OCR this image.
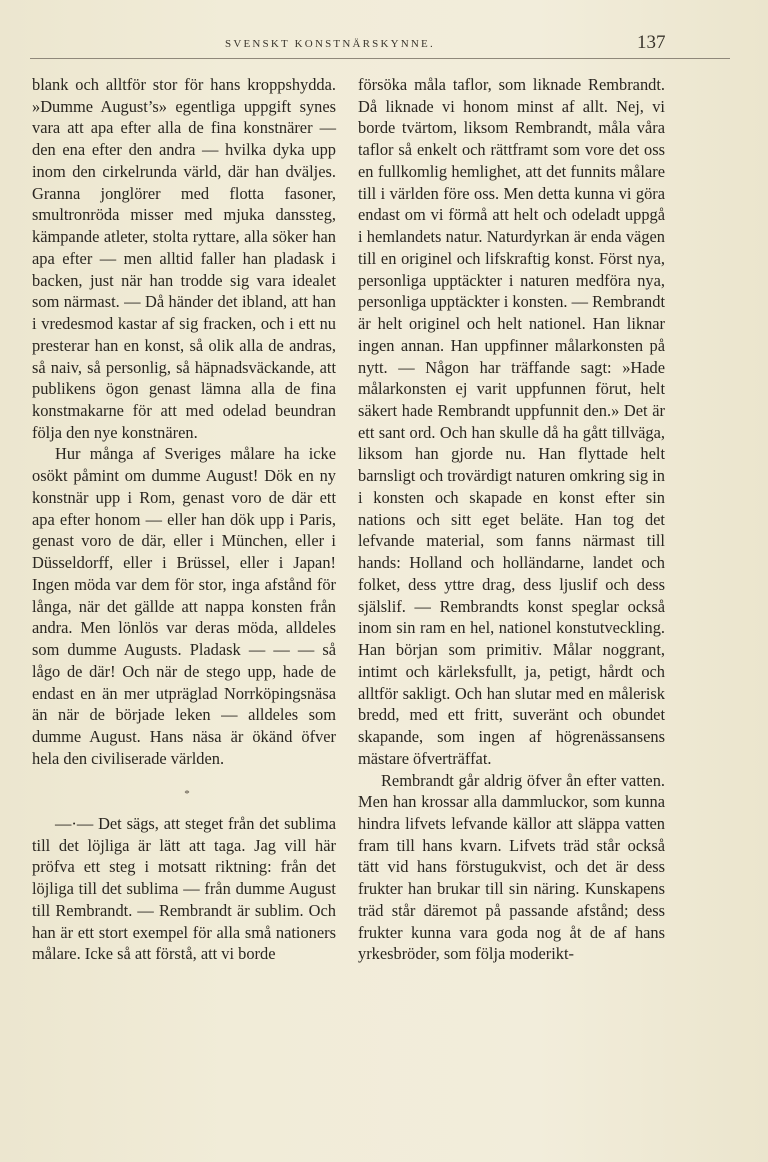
SVENSKT KONSTNÄRSKYNNE.	137

blank och alltför stor för hans kroppshydda. »Dumme August’s» egentliga uppgift synes vara att apa efter alla de fina konstnärer — den ena efter den andra — hvilka dyka upp inom den cirkelrunda värld, där han dväljes. Granna jonglörer med flotta fasoner, smultronröda misser med mjuka danssteg, kämpande atleter, stolta ryttare, alla söker han apa efter — men alltid faller han pladask i backen, just när han trodde sig vara idealet som närmast. — Då händer det ibland, att han i vredesmod kastar af sig fracken, och i ett nu presterar han en konst, så olik alla de andras, så naiv, så personlig, så häpnadsväckande, att publikens ögon genast lämna alla de fina konstmakarne för att med odelad beundran följa den nye konstnären.

Hur många af Sveriges målare ha icke osökt påmint om dumme August! Dök en ny konstnär upp i Rom, genast voro de där ett apa efter honom — eller han dök upp i Paris, genast voro de där, eller i München, eller i Düsseldorff, eller i Brüssel, eller i Japan! Ingen möda var dem för stor, inga afstånd för långa, när det gällde att nappa konsten från andra. Men lönlös var deras möda, alldeles som dumme Augusts. Pladask — — — så lågo de där! Och när de stego upp, hade de endast en än mer utpräglad Norrköpingsnäsa än när de började leken — alldeles som dumme August. Hans näsa är ökänd öfver hela den civiliserade världen.

*

—·— Det sägs, att steget från det sublima till det löjliga är lätt att taga. Jag vill här pröfva ett steg i motsatt riktning: från det löjliga till det sublima — från dumme August till Rembrandt. — Rembrandt är sublim. Och han är ett stort exempel för alla små nationers målare. Icke så att förstå, att vi borde

försöka måla taflor, som liknade Rembrandt. Då liknade vi honom minst af allt. Nej, vi borde tvärtom, liksom Rembrandt, måla våra taflor så enkelt och rättframt som vore det oss en fullkomlig hemlighet, att det funnits målare till i världen före oss. Men detta kunna vi göra endast om vi förmå att helt och odeladt uppgå i hemlandets natur. Naturdyrkan är enda vägen till en originel och lifskraftig konst. Först nya, personliga upptäckter i naturen medföra nya, personliga upptäckter i konsten. — Rembrandt är helt originel och helt nationel. Han liknar ingen annan. Han uppfinner målarkonsten på nytt. — Någon har träffande sagt: »Hade målarkonsten ej varit uppfunnen förut, helt säkert hade Rembrandt uppfunnit den.» Det är ett sant ord. Och han skulle då ha gått tillväga, liksom han gjorde nu. Han flyttade helt barnsligt och trovärdigt naturen omkring sig in i konsten och skapade en konst efter sin nations och sitt eget beläte. Han tog det lefvande material, som fanns närmast till hands: Holland och holländarne, landet och folket, dess yttre drag, dess ljuslif och dess själslif. — Rembrandts konst speglar också inom sin ram en hel, nationel konstutveckling. Han början som primitiv. Målar noggrant, intimt och kärleksfullt, ja, petigt, hårdt och alltför sakligt. Och han slutar med en målerisk bredd, med ett fritt, suveränt och obundet skapande, som ingen af högrenässansens mästare öfverträffat.

Rembrandt går aldrig öfver ån efter vatten. Men han krossar alla dammluckor, som kunna hindra lifvets lefvande källor att släppa vatten fram till hans kvarn. Lifvets träd står också tätt vid hans förstugukvist, och det är dess frukter han brukar till sin näring. Kunskapens träd står däremot på passande afstånd; dess frukter kunna vara goda nog åt de af hans yrkesbröder, som följa moderikt-
